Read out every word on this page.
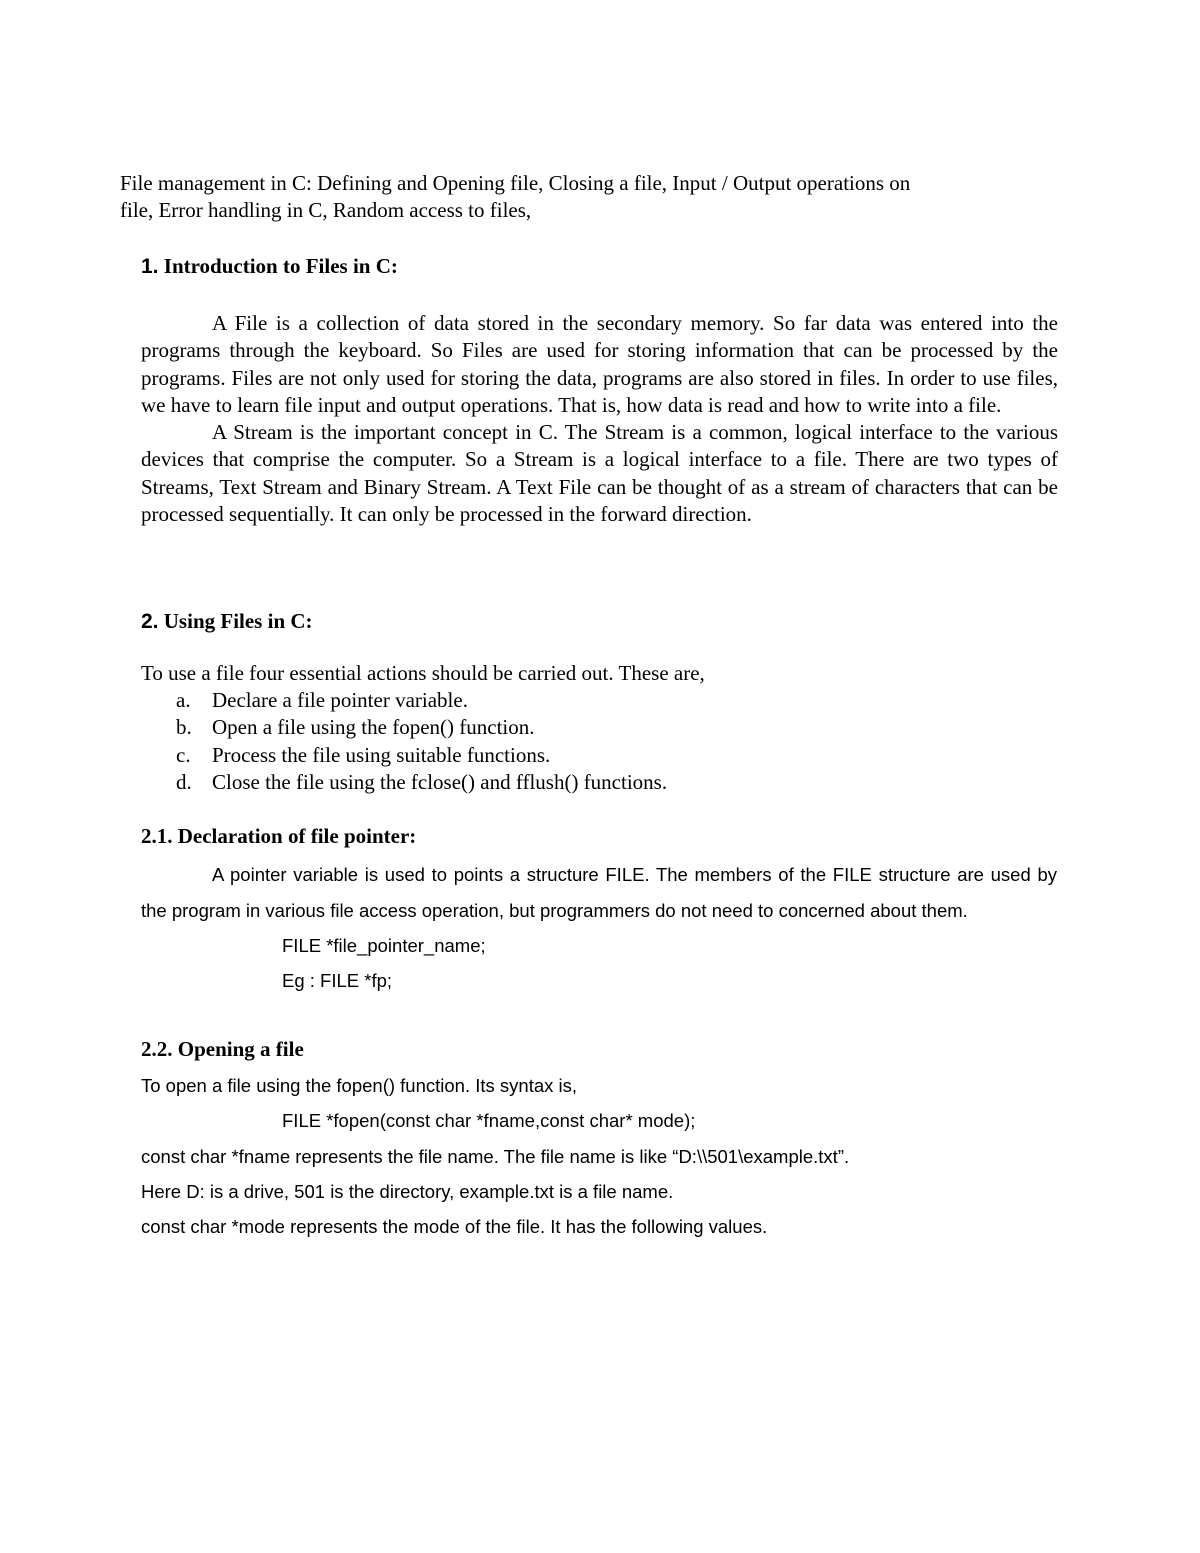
File management in C: Defining and Opening file, Closing a file, Input / Output operations on
file, Error handling in C, Random access to files,
1. Introduction to Files in C:
A File is a collection of data stored in the secondary memory. So far data was entered into the programs through the keyboard. So Files are used for storing information that can be processed by the programs. Files are not only used for storing the data, programs are also stored in files. In order to use files, we have to learn file input and output operations. That is, how data is read and how to write into a file.
A Stream is the important concept in C. The Stream is a common, logical interface to the various devices that comprise the computer. So a Stream is a logical interface to a file. There are two types of Streams, Text Stream and Binary Stream. A Text File can be thought of as a stream of characters that can be processed sequentially. It can only be processed in the forward direction.
2. Using Files in C:
To use a file four essential actions should be carried out. These are,
a. Declare a file pointer variable.
b. Open a file using the fopen() function.
c. Process the file using suitable functions.
d. Close the file using the fclose() and fflush() functions.
2.1. Declaration of file pointer:
A pointer variable is used to points a structure FILE. The members of the FILE structure are used by the program in various file access operation, but programmers do not need to concerned about them.
FILE *file_pointer_name;
Eg : FILE *fp;
2.2. Opening a file
To open a file using the fopen() function. Its syntax is,
FILE *fopen(const char *fname,const char* mode);
const char *fname represents the file name. The file name is like “D:\\501\example.txt”.
Here D: is a drive, 501 is the directory, example.txt is a file name.
const char *mode represents the mode of the file. It has the following values.
